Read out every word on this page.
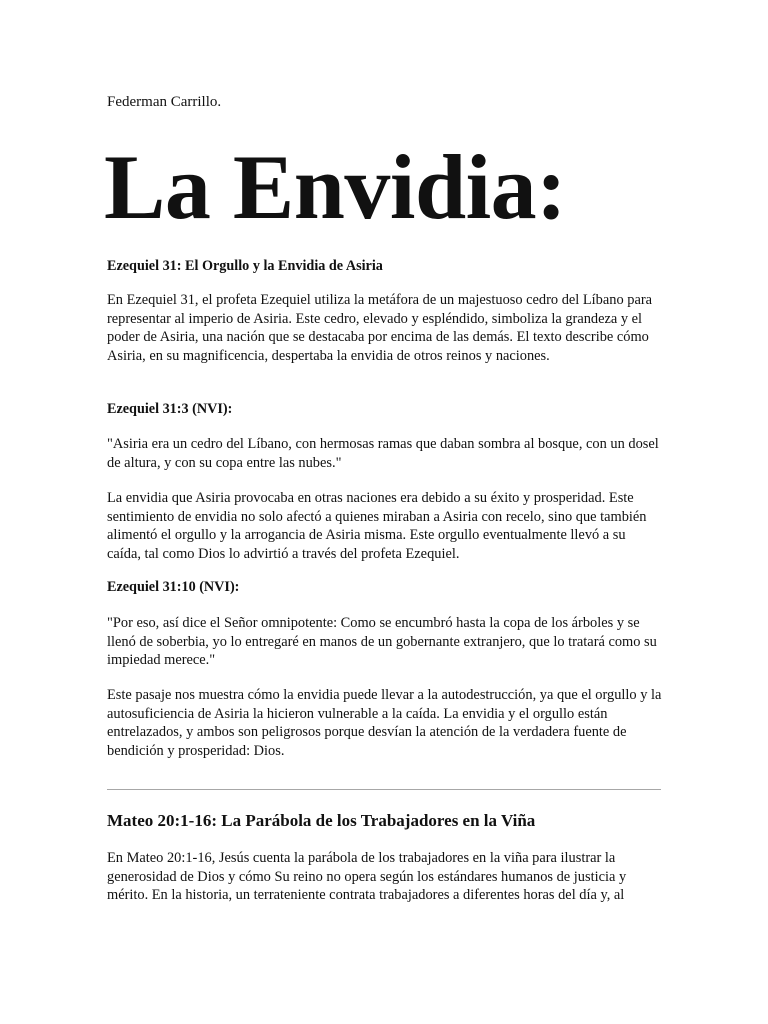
Federman Carrillo.
La Envidia:
Ezequiel 31: El Orgullo y la Envidia de Asiria

En Ezequiel 31, el profeta Ezequiel utiliza la metáfora de un majestuoso cedro del Líbano para representar al imperio de Asiria. Este cedro, elevado y espléndido, simboliza la grandeza y el poder de Asiria, una nación que se destacaba por encima de las demás. El texto describe cómo Asiria, en su magnificencia, despertaba la envidia de otros reinos y naciones.

Ezequiel 31:3 (NVI):

"Asiria era un cedro del Líbano, con hermosas ramas que daban sombra al bosque, con un dosel de altura, y con su copa entre las nubes."

La envidia que Asiria provocaba en otras naciones era debido a su éxito y prosperidad. Este sentimiento de envidia no solo afectó a quienes miraban a Asiria con recelo, sino que también alimentó el orgullo y la arrogancia de Asiria misma. Este orgullo eventualmente llevó a su caída, tal como Dios lo advirtió a través del profeta Ezequiel.

Ezequiel 31:10 (NVI):

"Por eso, así dice el Señor omnipotente: Como se encumbró hasta la copa de los árboles y se llenó de soberbia, yo lo entregaré en manos de un gobernante extranjero, que lo tratará como su impiedad merece."

Este pasaje nos muestra cómo la envidia puede llevar a la autodestrucción, ya que el orgullo y la autosuficiencia de Asiria la hicieron vulnerable a la caída. La envidia y el orgullo están entrelazados, y ambos son peligrosos porque desvían la atención de la verdadera fuente de bendición y prosperidad: Dios.

Mateo 20:1-16: La Parábola de los Trabajadores en la Viña

En Mateo 20:1-16, Jesús cuenta la parábola de los trabajadores en la viña para ilustrar la generosidad de Dios y cómo Su reino no opera según los estándares humanos de justicia y mérito. En la historia, un terrateniente contrata trabajadores a diferentes horas del día y, al
